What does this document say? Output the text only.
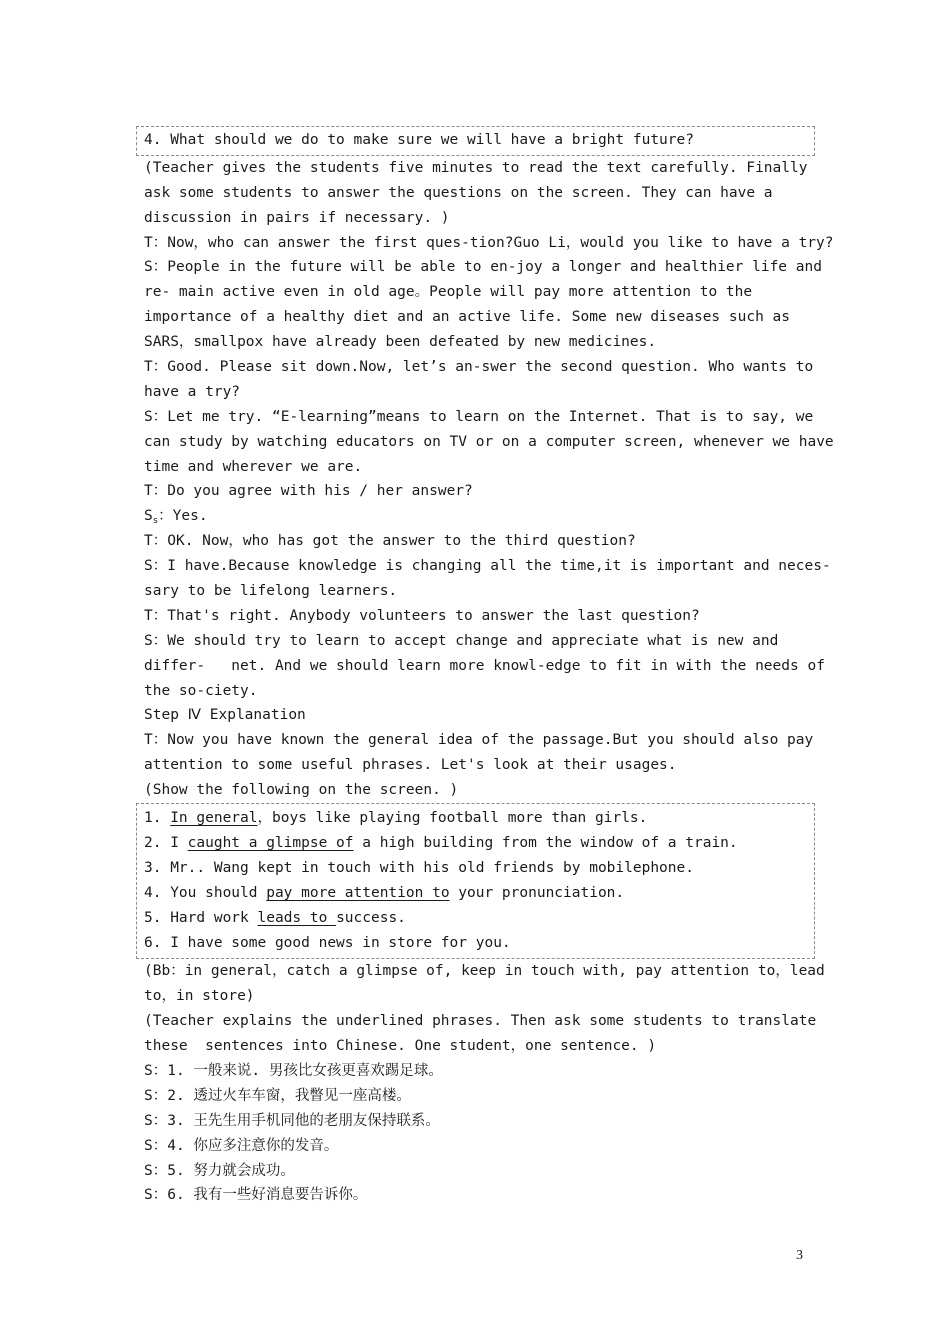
4. What should we do to make sure we will have a bright future?
(Teacher gives the students five minutes to read the text carefully. Finally
ask some students to answer the questions on the screen. They can have a
discussion in pairs if necessary. )
T：Now，who can answer the first ques-tion?Guo Li，would you like to have a try?
S：People in the future will be able to en-joy a longer and healthier life and
re- main active even in old age。People will pay more attention to the
importance of a healthy diet and an active life. Some new diseases such as
SARS，smallpox have already been defeated by new medicines.
T：Good. Please sit down.Now, let’s an-swer the second question. Who wants to
have a try?
S：Let me try. “E-learning”means to learn on the Internet. That is to say, we
can study by watching educators on TV or on a computer screen, whenever we have
time and wherever we are.
T：Do you agree with his / her answer?
$S_s$：Yes.
T：OK. Now，who has got the answer to the third question?
S：I have.Because knowledge is changing all the time,it is important and neces-
sary to be lifelong learners.
T：That's right. Anybody volunteers to answer the last question?
S：We should try to learn to accept change and appreciate what is new and
differ-   net. And we should learn more knowl-edge to fit in with the needs of
the so-ciety.
Step Ⅳ Explanation
T：Now you have known the general idea of the passage.But you should also pay
attention to some useful phrases. Let's look at their usages.
(Show the following on the screen. )
1. In general，boys like playing football more than girls.
2. I caught a glimpse of a high building from the window of a train.
3. Mr.. Wang kept in touch with his old friends by mobilephone.
4. You should pay more attention to your pronunciation.
5. Hard work leads to success.
6. I have some good news in store for you.
(Bb：in general，catch a glimpse of, keep in touch with, pay attention to，lead
to，in store)
(Teacher explains the underlined phrases. Then ask some students to translate
these  sentences into Chinese. One student，one sentence. )
S：1. 一般来说. 男孩比女孩更喜欢踢足球。
S：2. 透过火车车窗，我瞥见一座高楼。
S：3. 王先生用手机同他的老朋友保持联系。
S：4. 你应多注意你的发音。
S：5. 努力就会成功。
S：6. 我有一些好消息要告诉你。
3
